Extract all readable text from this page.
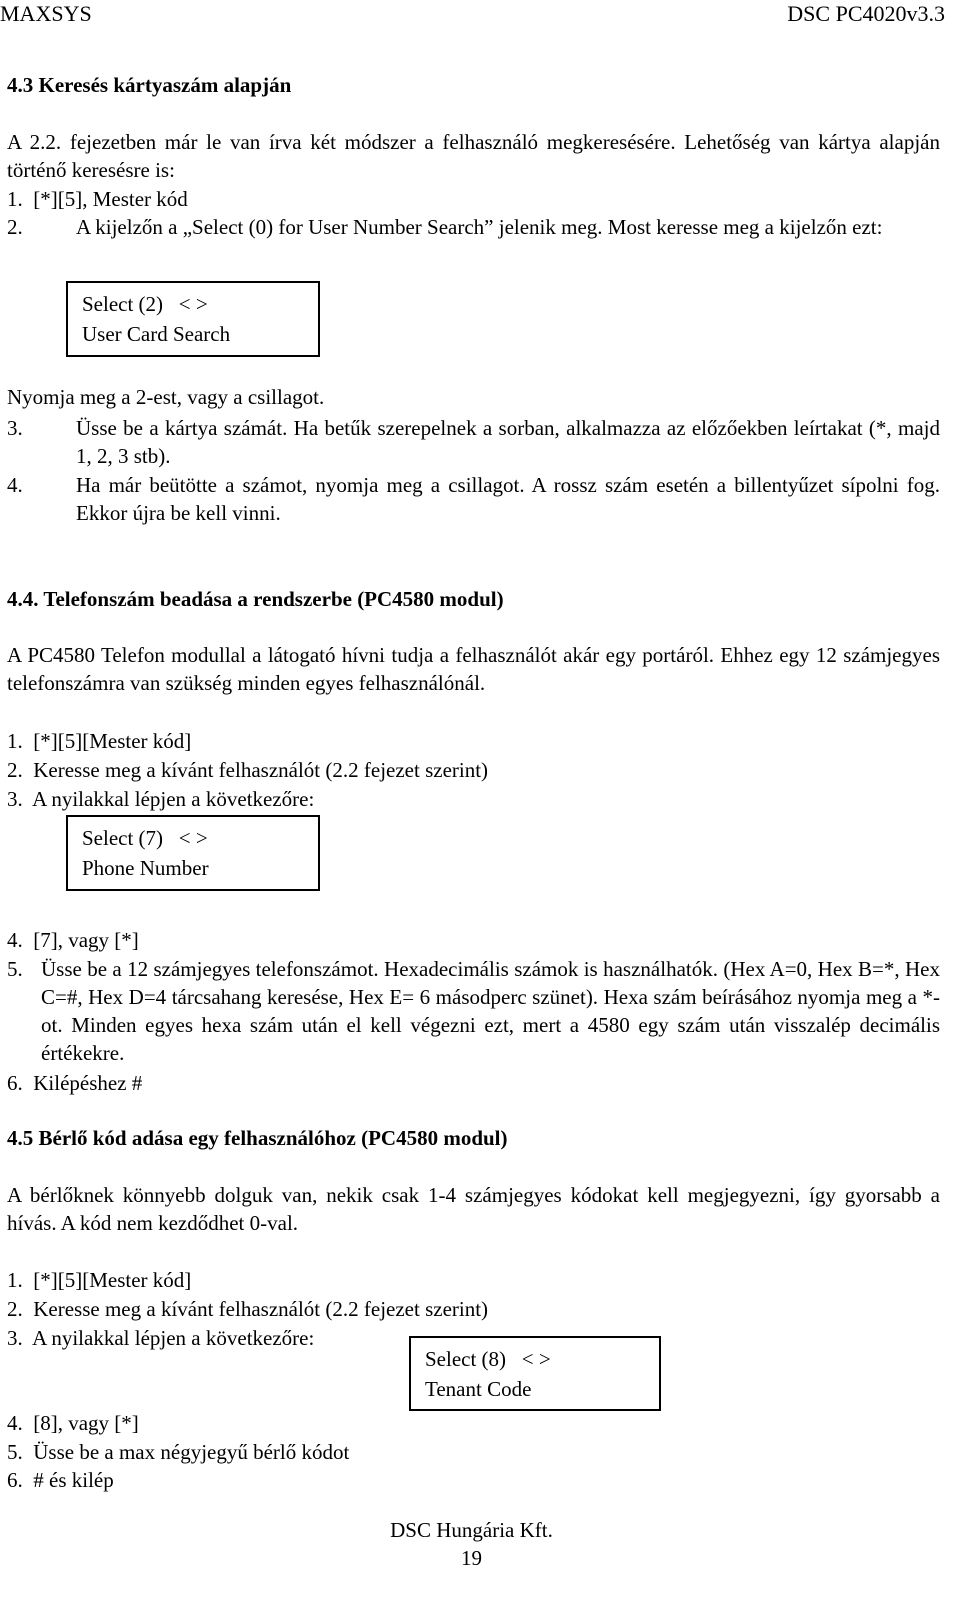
MAXSYS	DSC PC4020v3.3
4.3 Keresés kártyaszám alapján
A 2.2. fejezetben már le van írva két módszer a felhasználó megkeresésére. Lehetőség van kártya alapján történő keresésre is:
1.  [*][5], Mester kód
2.	A kijelzőn a „Select (0) for User Number Search” jelenik meg. Most keresse meg a kijelzőn ezt:
Select (2)   < >
User Card Search
Nyomja meg a 2-est, vagy a csillagot.
3.	Üsse be a kártya számát. Ha betűk szerepelnek a sorban, alkalmazza az előzőekben leírtakat (*, majd 1, 2, 3 stb).
4.	Ha már beütötte a számot, nyomja meg a csillagot. A rossz szám esetén a billentyűzet sípolni fog. Ekkor újra be kell vinni.
4.4. Telefonszám beadása a rendszerbe (PC4580 modul)
A PC4580 Telefon modullal a látogató hívni tudja a felhasználót akár egy portáról. Ehhez egy 12 számjegyes telefonszámra van szükség minden egyes felhasználónál.
1.  [*][5][Mester kód]
2.  Keresse meg a kívánt felhasználót (2.2 fejezet szerint)
3.  A nyilakkal lépjen a következőre:
Select (7)   < >
Phone Number
4.  [7], vagy [*]
5. Üsse be a 12 számjegyes telefonszámot. Hexadecimális számok is használhatók. (Hex A=0, Hex B=*, Hex C=#, Hex D=4 tárcsahang keresése, Hex E= 6 másodperc szünet). Hexa szám beírásához nyomja meg a *-ot. Minden egyes hexa szám után el kell végezni ezt, mert a 4580 egy szám után visszalép decimális értékekre.
6.  Kilépéshez #
4.5 Bérlő kód adása egy felhasználóhoz (PC4580 modul)
A bérlőknek könnyebb dolguk van, nekik csak 1-4 számjegyes kódokat kell megjegyezni, így gyorsabb a hívás. A kód nem kezdődhet 0-val.
1.  [*][5][Mester kód]
2.  Keresse meg a kívánt felhasználót (2.2 fejezet szerint)
3.  A nyilakkal lépjen a következőre:
Select (8)   < >
Tenant Code
4.  [8], vagy [*]
5.  Üsse be a max négyjegyű bérlő kódot
6.  # és kilép
DSC Hungária Kft.
19
